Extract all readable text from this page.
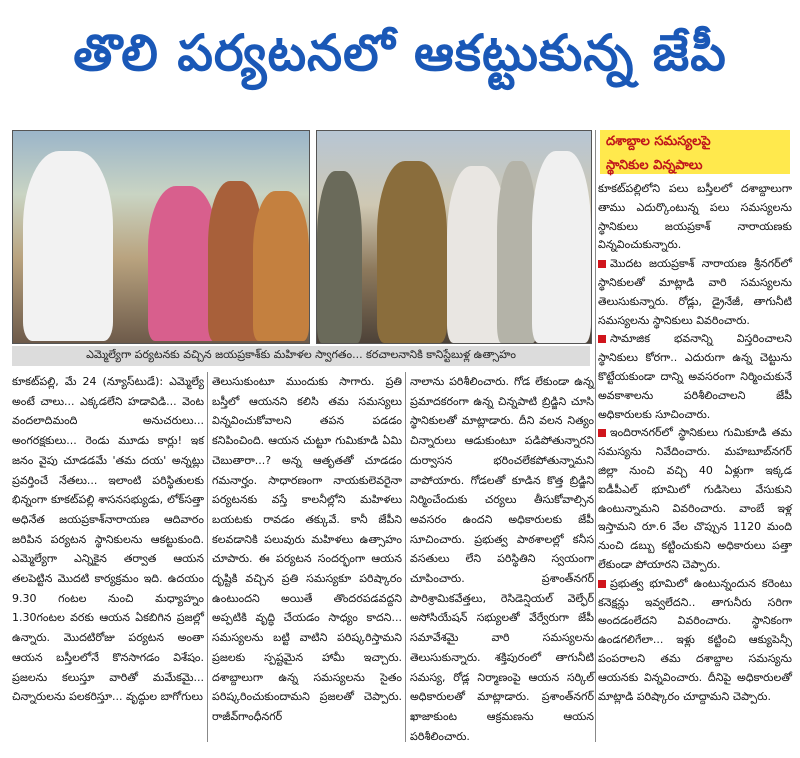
తొలి పర్యటనలో ఆకట్టుకున్న జేపీ
ఎమ్మెల్యేగా పర్యటనకు వచ్చిన జయప్రకాశ్‌కు మహిళల స్వాగతం... కరచాలనానికి కానిస్టేబుళ్ల ఉత్సాహం
దశాబ్దాల సమస్యలపై
స్థానికుల విన్నపాలు

కూకట్‌పల్లిలోని పలు బస్తీలలో దశాబ్దాలుగా తాము ఎదుర్కొంటున్న పలు సమస్యలను స్థానికులు జయప్రకాశ్ నారాయణకు విన్నవించుకున్నారు.

మొదట జయప్రకాశ్ నారాయణ శ్రీనగర్‌లో స్థానికులతో మాట్లాడి వారి సమస్యలను తెలుసుకున్నారు. రోడ్లు, డ్రైనేజీ, తాగునీటి సమస్యలను స్థానికులు వివరించారు.

సామాజిక భవనాన్ని విస్తరించాలని స్థానికులు కోరగా.. ఎదురుగా ఉన్న చెట్టును కొట్టేయకుండా దాన్ని అవసరంగా నిర్మించుకునే అవకాశాలను పరిశీలించాలని జేపీ అధికారులకు సూచించారు.

ఇందిరానగర్‌లో స్థానికులు గుమికూడి తమ సమస్యను నివేదించారు. మహబూబ్‌నగర్ జిల్లా నుంచి వచ్చి 40 ఏళ్లుగా ఇక్కడ ఐడీపీఎల్ భూమిలో గుడిసెలు వేసుకుని ఉంటున్నామని వివరించారు. వాంబే ఇళ్ల ఇస్తామని రూ.6 వేల చొప్పున 1120 మంది నుంచి డబ్బు కట్టించుకుని అధికారులు పత్తా లేకుండా పోయారని చెప్పారు.

ప్రభుత్వ భూమిలో ఉంటున్నందున కరెంటు కనెక్షన్లు ఇవ్వలేదని.. తాగునీరు సరిగా అందడంలేదని వివరించారు. స్థానికంగా ఉండగలిగేలా... ఇళ్లు కట్టించి ఆక్యుపెన్సీ పంపరాలని తమ దశాబ్దాల సమస్యను ఆయనకు విన్నవించారు. దీనిపై అధికారులతో మాట్లాడి పరిష్కారం చూద్దామని చెప్పారు.

కూకట్‌పల్లి, మే 24 (న్యూస్‌టుడే): ఎమ్మెల్యే అంటే చాలు... ఎక్కడలేని హడావిడి... వెంట వందలాదిమంది అనుచరులు... అంగరక్షకులు... రెండు మూడు కార్లు! ఇక జనం వైపు చూడడమే 'తమ దయ' అన్నట్లు ప్రవర్తించే నేతలు... ఇలాంటి పరిస్థితులకు భిన్నంగా కూకట్‌పల్లి శాసనసభ్యుడు, లోక్‌సత్తా అధినేత జయప్రకాశ్‌నారాయణ ఆదివారం జరిపిన పర్యటన స్థానికులను ఆకట్టుకుంది. ఎమ్మెల్యేగా ఎన్నికైన తర్వాత ఆయన తలపెట్టిన మొదటి కార్యక్రమం ఇది. ఉదయం 9.30 గంటల నుంచి మధ్యాహ్నం 1.30గంటల వరకు ఆయన ఏకబిగిన ప్రజల్లో ఉన్నారు. మొదటిరోజు పర్యటన అంతా ఆయన బస్తీలలోనే కొనసాగడం విశేషం. ప్రజలను కలుస్తూ వారితో మమేకమై... చిన్నారులను పలకరిస్తూ... వృద్ధుల బాగోగులు
తెలుసుకుంటూ ముందుకు సాగారు. ప్రతి బస్తీలో ఆయనని కలిసి తమ సమస్యలు విన్నవించుకోవాలని తపన పడడం కనిపించింది. ఆయన చుట్టూ గుమికూడి ఏమి చెబుతారా...? అన్న ఆతృతతో చూడడం గమనార్హం. సాధారణంగా నాయకులెవరైనా పర్యటనకు వస్తే కాలనీల్లోని మహిళలు బయటకు రావడం తక్కువే. కానీ జేపీని కలవడానికి పలువురు మహిళలు ఉత్సాహం చూపారు. ఈ పర్యటన సందర్భంగా ఆయన దృష్టికి వచ్చిన ప్రతి సమస్యకూ పరిష్కారం ఉంటుందని అయితే తొందరపడవద్దని అప్పటికి వృద్ధి చేయడం సాధ్యం కాదని... సమస్యలను బట్టి వాటిని పరిష్కరిస్తామని ప్రజలకు స్పష్టమైన హామీ ఇచ్చారు. దశాబ్దాలుగా ఉన్న సమస్యలను సైతం పరిష్కరించుకుందామని ప్రజలతో చెప్పారు. రాజీవ్‌గాంధీనగర్
నాలాను పరిశీలించారు. గోడ లేకుండా ఉన్న ప్రమాదకరంగా ఉన్న చిన్నపాటి బ్రిడ్జిని చూసి స్థానికులతో మాట్లాడారు. దీని వలన నిత్యం చిన్నారులు ఆడుకుంటూ పడిపోతున్నారని దుర్వాసన భరించలేకపోతున్నామని వాపోయారు. గోడలతో కూడిన కొత్త బ్రిడ్జిని నిర్మించేందుకు చర్యలు తీసుకోవాల్సిన అవసరం ఉందని అధికారులకు జేపీ సూచించారు. ప్రభుత్వ పాఠశాలల్లో కనీస వసతులు లేని పరిస్థితిని స్వయంగా చూపించారు. ప్రశాంత్‌నగర్ పారిశ్రామికవేత్తలు, రెసిడెన్షియల్ వెల్ఫేర్ అసోసియేషన్ సభ్యులతో వేర్వేరుగా జేపీ సమావేశమై వారి సమస్యలను తెలుసుకున్నారు. శక్తిపురంలో తాగునీటి సమస్య, రోడ్ల నిర్మాణంపై ఆయన సర్కిల్ అధికారులతో మాట్లాడారు. ప్రశాంత్‌నగర్ ఖాజాకుంట ఆక్రమణను ఆయన పరిశీలించారు.
